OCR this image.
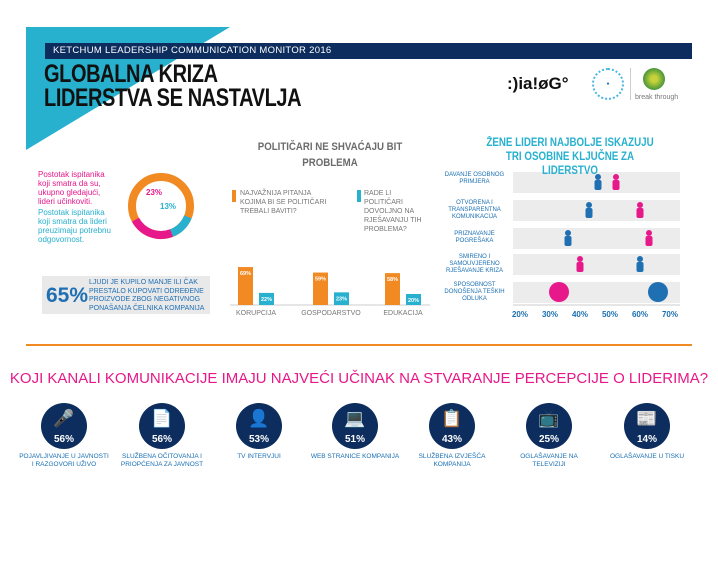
KETCHUM LEADERSHIP COMMUNICATION MONITOR 2016
GLOBALNA KRIZA
LIDERSTVA SE NASTAVLJA
:)ia!øG°	●
break through
Postotak ispitanika koji smatra da su, ukupno gledajući, lideri učinkoviti.
Postotak ispitanika koji smatra da lideri preuzimaju potrebnu odgovornost.
23%
13%
65%
LJUDI JE KUPILO MANJE ILI ČAK PRESTALO KUPOVATI ODREĐENE PROIZVODE ZBOG NEGATIVNOG PONAŠANJA ČELNIKA KOMPANIJA
POLITIČARI NE SHVAĆAJU BIT PROBLEMA
NAJVAŽNIJA PITANJA KOJIMA BI SE POLITIČARI TREBALI BAVITI?
RADE LI POLITIČARI DOVOLJNO NA RJEŠAVANJU TIH PROBLEMA?
69%
22%
KORUPCIJA
59%
23%
GOSPODARSTVO
58%
20%
EDUKACIJA
DAVANJE OSOBNOG PRIMJERA
OTVORENA I TRANSPARENTNA KOMUNIKACIJA
PRIZNAVANJE POGREŠAKA
SMIRENO I SAMOUVJERENO RJEŠAVANJE KRIZA
SPOSOBNOST DONOŠENJA TEŠKIH ODLUKA
20% 30% 40% 50% 60% 70%
ŽENE LIDERI NAJBOLJE ISKAZUJU TRI OSOBINE KLJUČNE ZA LIDERSTVO
KOJI KANALI KOMUNIKACIJE IMAJU NAJVEĆI UČINAK NA STVARANJE PERCEPCIJE O LIDERIMA?
🎤
56%
POJAVLJIVANJE U JAVNOSTI I RAZGOVORI UŽIVO
📄
56%
SLUŽBENA OČITOVANJA I PRIOPĆENJA ZA JAVNOST
👤
53%
TV INTERVJUI
💻
51%
WEB STRANICE KOMPANIJA
📋
43%
SLUŽBENA IZVJEŠĆA KOMPANIJA
📺
25%
OGLAŠAVANJE NA TELEVIZIJI
📰
14%
OGLAŠAVANJE U TISKU
